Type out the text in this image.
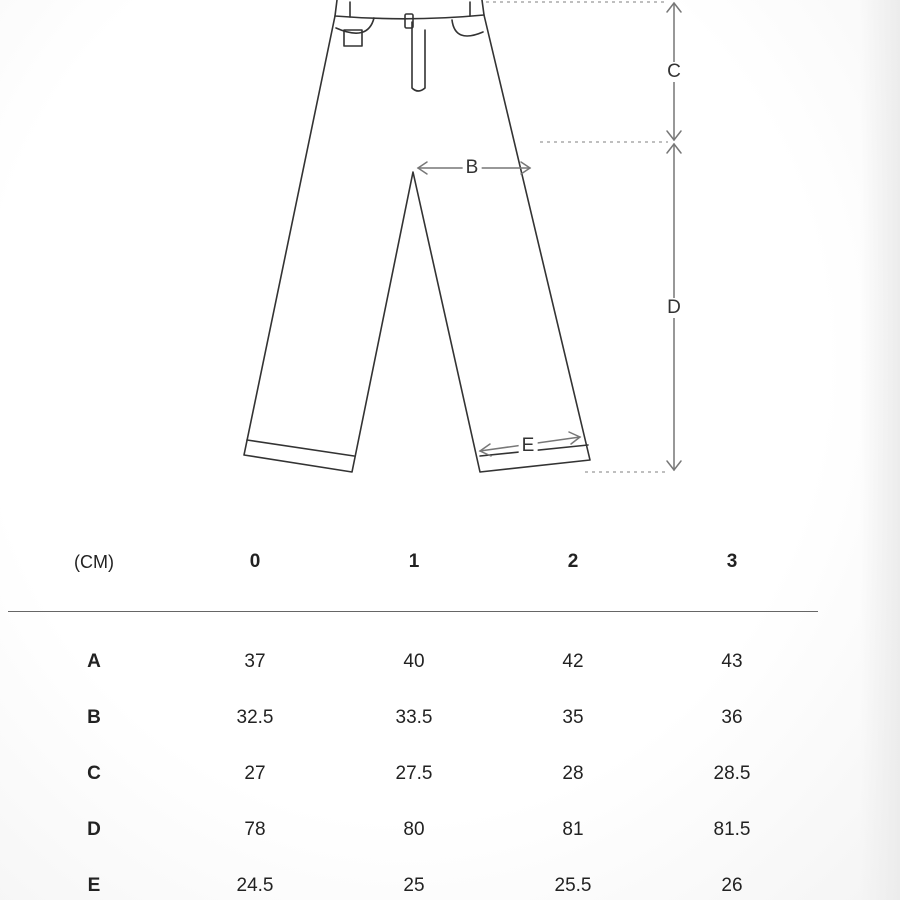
C
D
B
E
(CM)	0	1	2	3
A	37	40	42	43
B	32.5	33.5	35	36
C	27	27.5	28	28.5
D	78	80	81	81.5
E	24.5	25	25.5	26
